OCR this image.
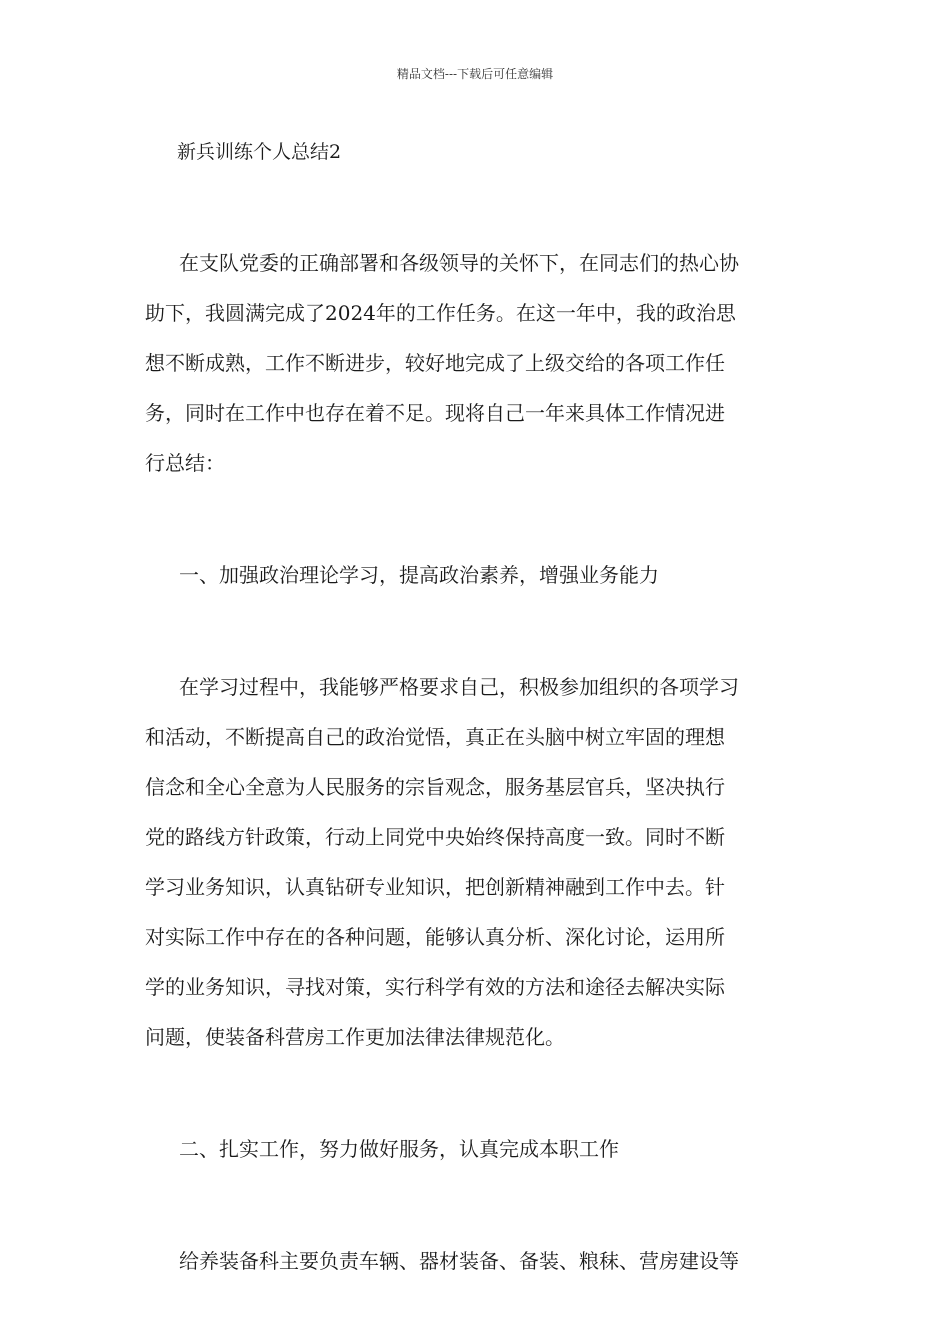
精品文档---下载后可任意编辑
新兵训练个人总结2

在支队党委的正确部署和各级领导的关怀下，在同志们的热心协
助下，我圆满完成了2024年的工作任务。在这一年中，我的政治思
想不断成熟，工作不断进步，较好地完成了上级交给的各项工作任
务，同时在工作中也存在着不足。现将自己一年来具体工作情况进
行总结：

一、加强政治理论学习，提高政治素养，增强业务能力

在学习过程中，我能够严格要求自己，积极参加组织的各项学习
和活动，不断提高自己的政治觉悟，真正在头脑中树立牢固的理想
信念和全心全意为人民服务的宗旨观念，服务基层官兵，坚决执行
党的路线方针政策，行动上同党中央始终保持高度一致。同时不断
学习业务知识，认真钻研专业知识，把创新精神融到工作中去。针
对实际工作中存在的各种问题，能够认真分析、深化讨论，运用所
学的业务知识，寻找对策，实行科学有效的方法和途径去解决实际
问题，使装备科营房工作更加法律法律规范化。

二、扎实工作，努力做好服务，认真完成本职工作

给养装备科主要负责车辆、器材装备、备装、粮秣、营房建设等
